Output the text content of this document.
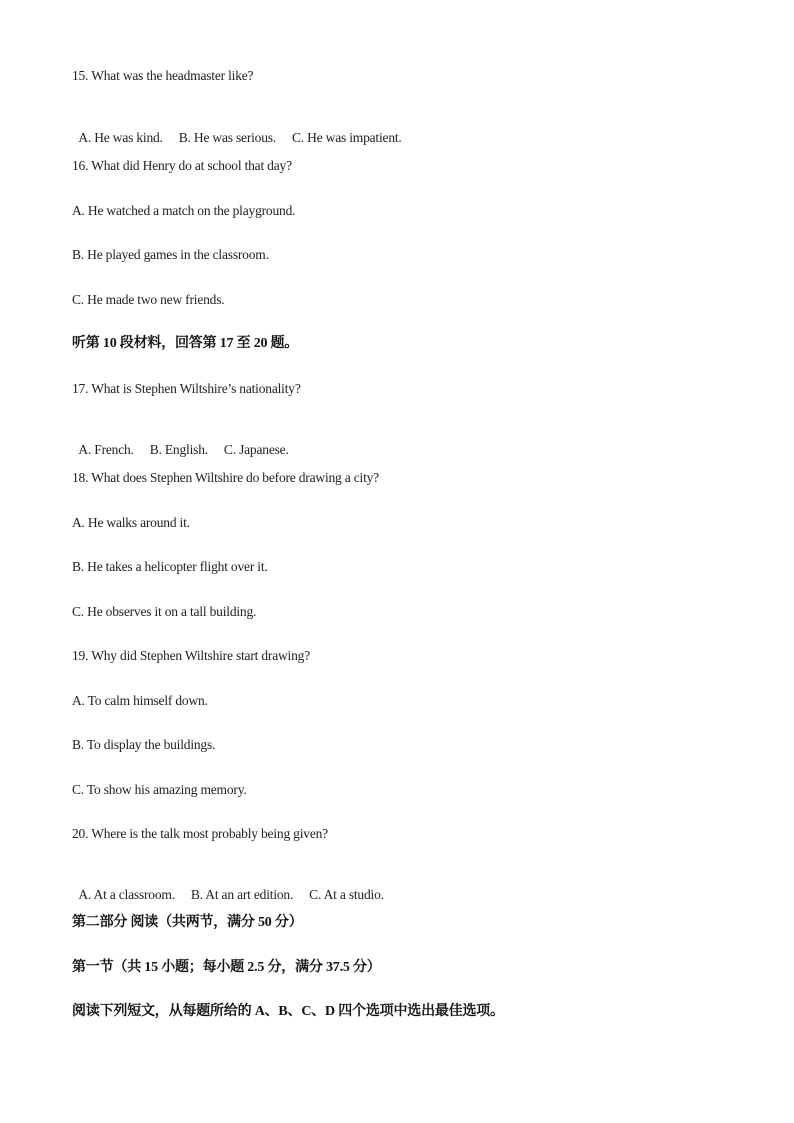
15. What was the headmaster like?

A. He was kind. B. He was serious. C. He was impatient.

16. What did Henry do at school that day?
A. He watched a match on the playground.
B. He played games in the classroom.
C. He made two new friends.
听第 10 段材料，回答第 17 至 20 题。
17. What is Stephen Wiltshire’s nationality?

A. French. B. English. C. Japanese.

18. What does Stephen Wiltshire do before drawing a city?
A. He walks around it.
B. He takes a helicopter flight over it.
C. He observes it on a tall building.
19. Why did Stephen Wiltshire start drawing?
A. To calm himself down.
B. To display the buildings.
C. To show his amazing memory.
20. Where is the talk most probably being given?

A. At a classroom. B. At an art edition. C. At a studio.

第二部分 阅读（共两节，满分 50 分）
第一节（共 15 小题；每小题 2.5 分，满分 37.5 分）
阅读下列短文，从每题所给的 A、B、C、D 四个选项中选出最佳选项。
